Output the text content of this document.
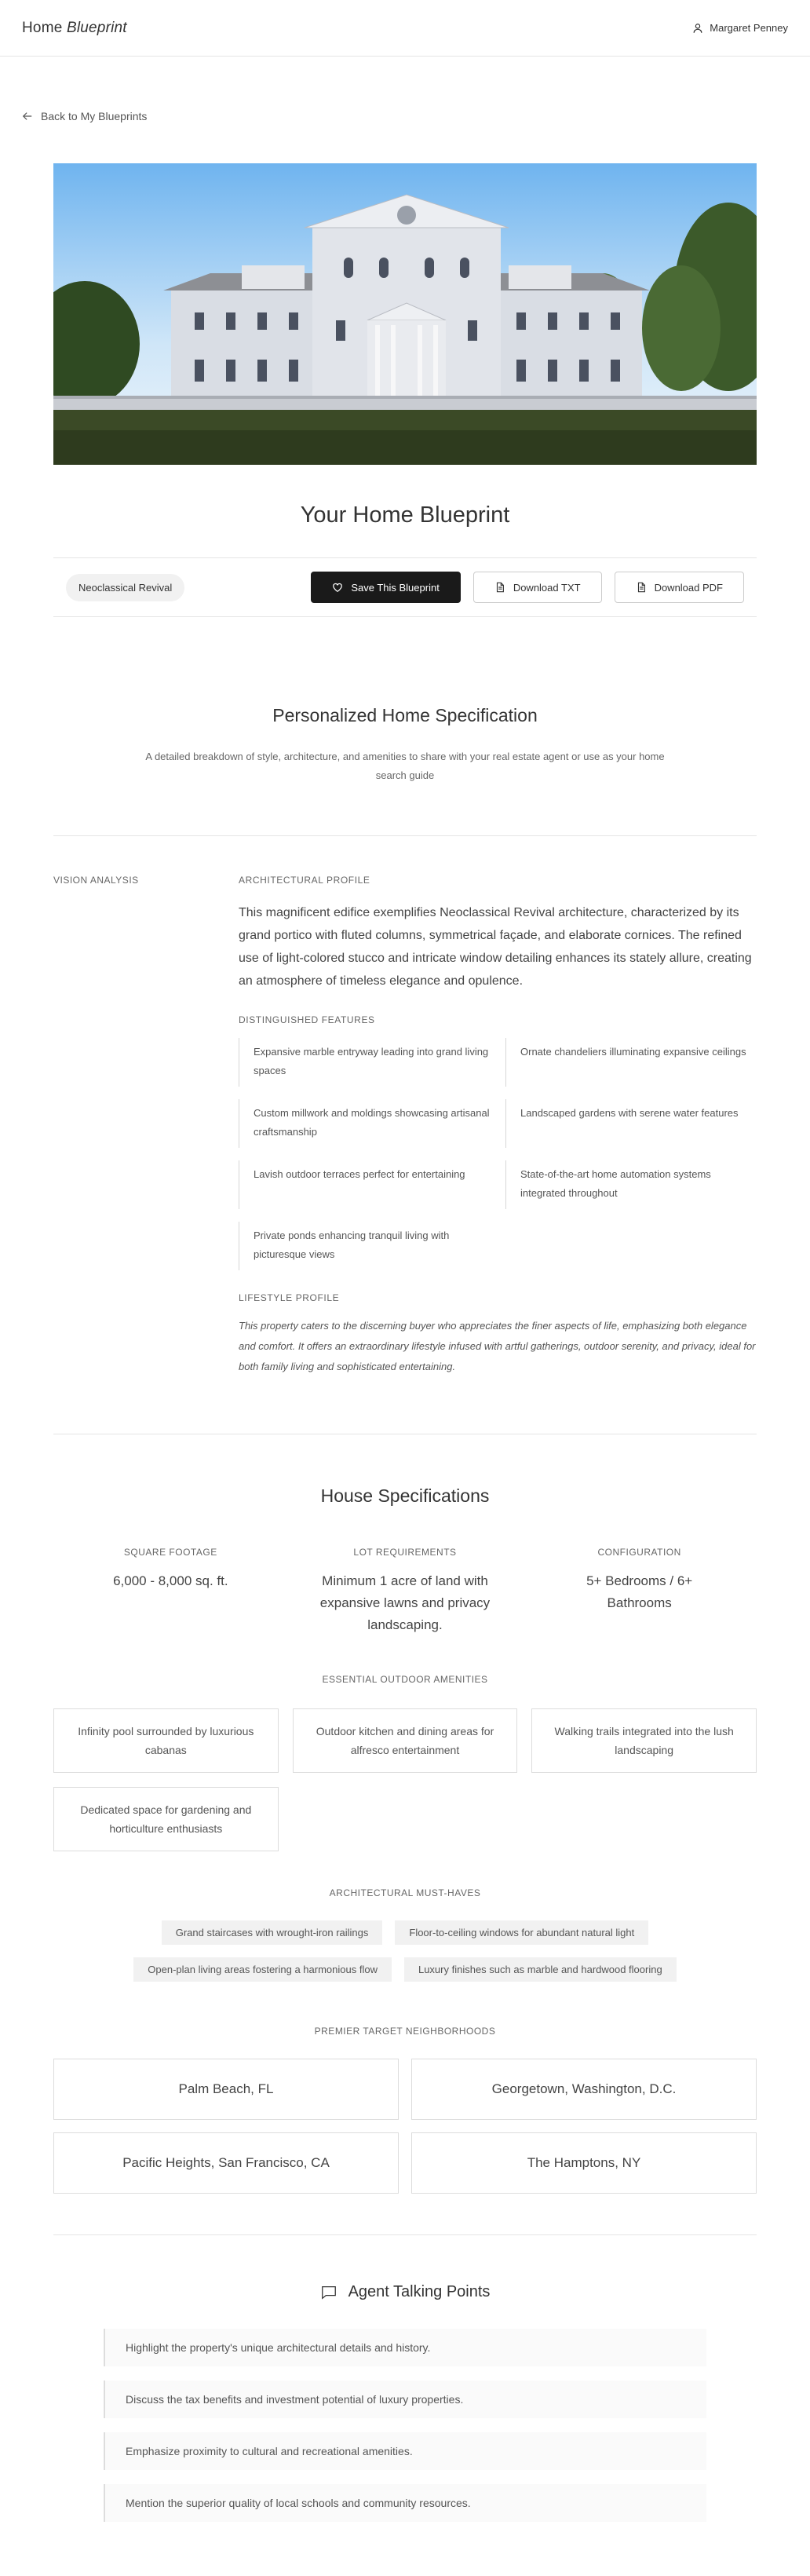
Home Blueprint	Margaret Penney
Back to My Blueprints
Your Home Blueprint
Neoclassical Revival	Save This Blueprint	Download TXT	Download PDF
Personalized Home Specification
A detailed breakdown of style, architecture, and amenities to share with your real estate agent or use as your home search guide
VISION ANALYSIS	ARCHITECTURAL PROFILE
This magnificent edifice exemplifies Neoclassical Revival architecture, characterized by its grand portico with fluted columns, symmetrical façade, and elaborate cornices. The refined use of light-colored stucco and intricate window detailing enhances its stately allure, creating an atmosphere of timeless elegance and opulence.
DISTINGUISHED FEATURES
Expansive marble entryway leading into grand living spaces
Ornate chandeliers illuminating expansive ceilings
Custom millwork and moldings showcasing artisanal craftsmanship
Landscaped gardens with serene water features
Lavish outdoor terraces perfect for entertaining	State-of-the-art home automation systems integrated throughout
Private ponds enhancing tranquil living with picturesque views
LIFESTYLE PROFILE
This property caters to the discerning buyer who appreciates the finer aspects of life, emphasizing both elegance and comfort. It offers an extraordinary lifestyle infused with artful gatherings, outdoor serenity, and privacy, ideal for both family living and sophisticated entertaining.
House Specifications
SQUARE FOOTAGE
6,000 - 8,000 sq. ft.
LOT REQUIREMENTS
Minimum 1 acre of land with expansive lawns and privacy landscaping.
CONFIGURATION
5+ Bedrooms / 6+ Bathrooms
ESSENTIAL OUTDOOR AMENITIES
Infinity pool surrounded by luxurious cabanas
Outdoor kitchen and dining areas for alfresco entertainment
Walking trails integrated into the lush landscaping
Dedicated space for gardening and horticulture enthusiasts
ARCHITECTURAL MUST-HAVES
Grand staircases with wrought-iron railings	Floor-to-ceiling windows for abundant natural light
Open-plan living areas fostering a harmonious flow	Luxury finishes such as marble and hardwood flooring
PREMIER TARGET NEIGHBORHOODS
Palm Beach, FL	Georgetown, Washington, D.C.
Pacific Heights, San Francisco, CA	The Hamptons, NY
Agent Talking Points
Highlight the property's unique architectural details and history.
Discuss the tax benefits and investment potential of luxury properties.
Emphasize proximity to cultural and recreational amenities.
Mention the superior quality of local schools and community resources.
